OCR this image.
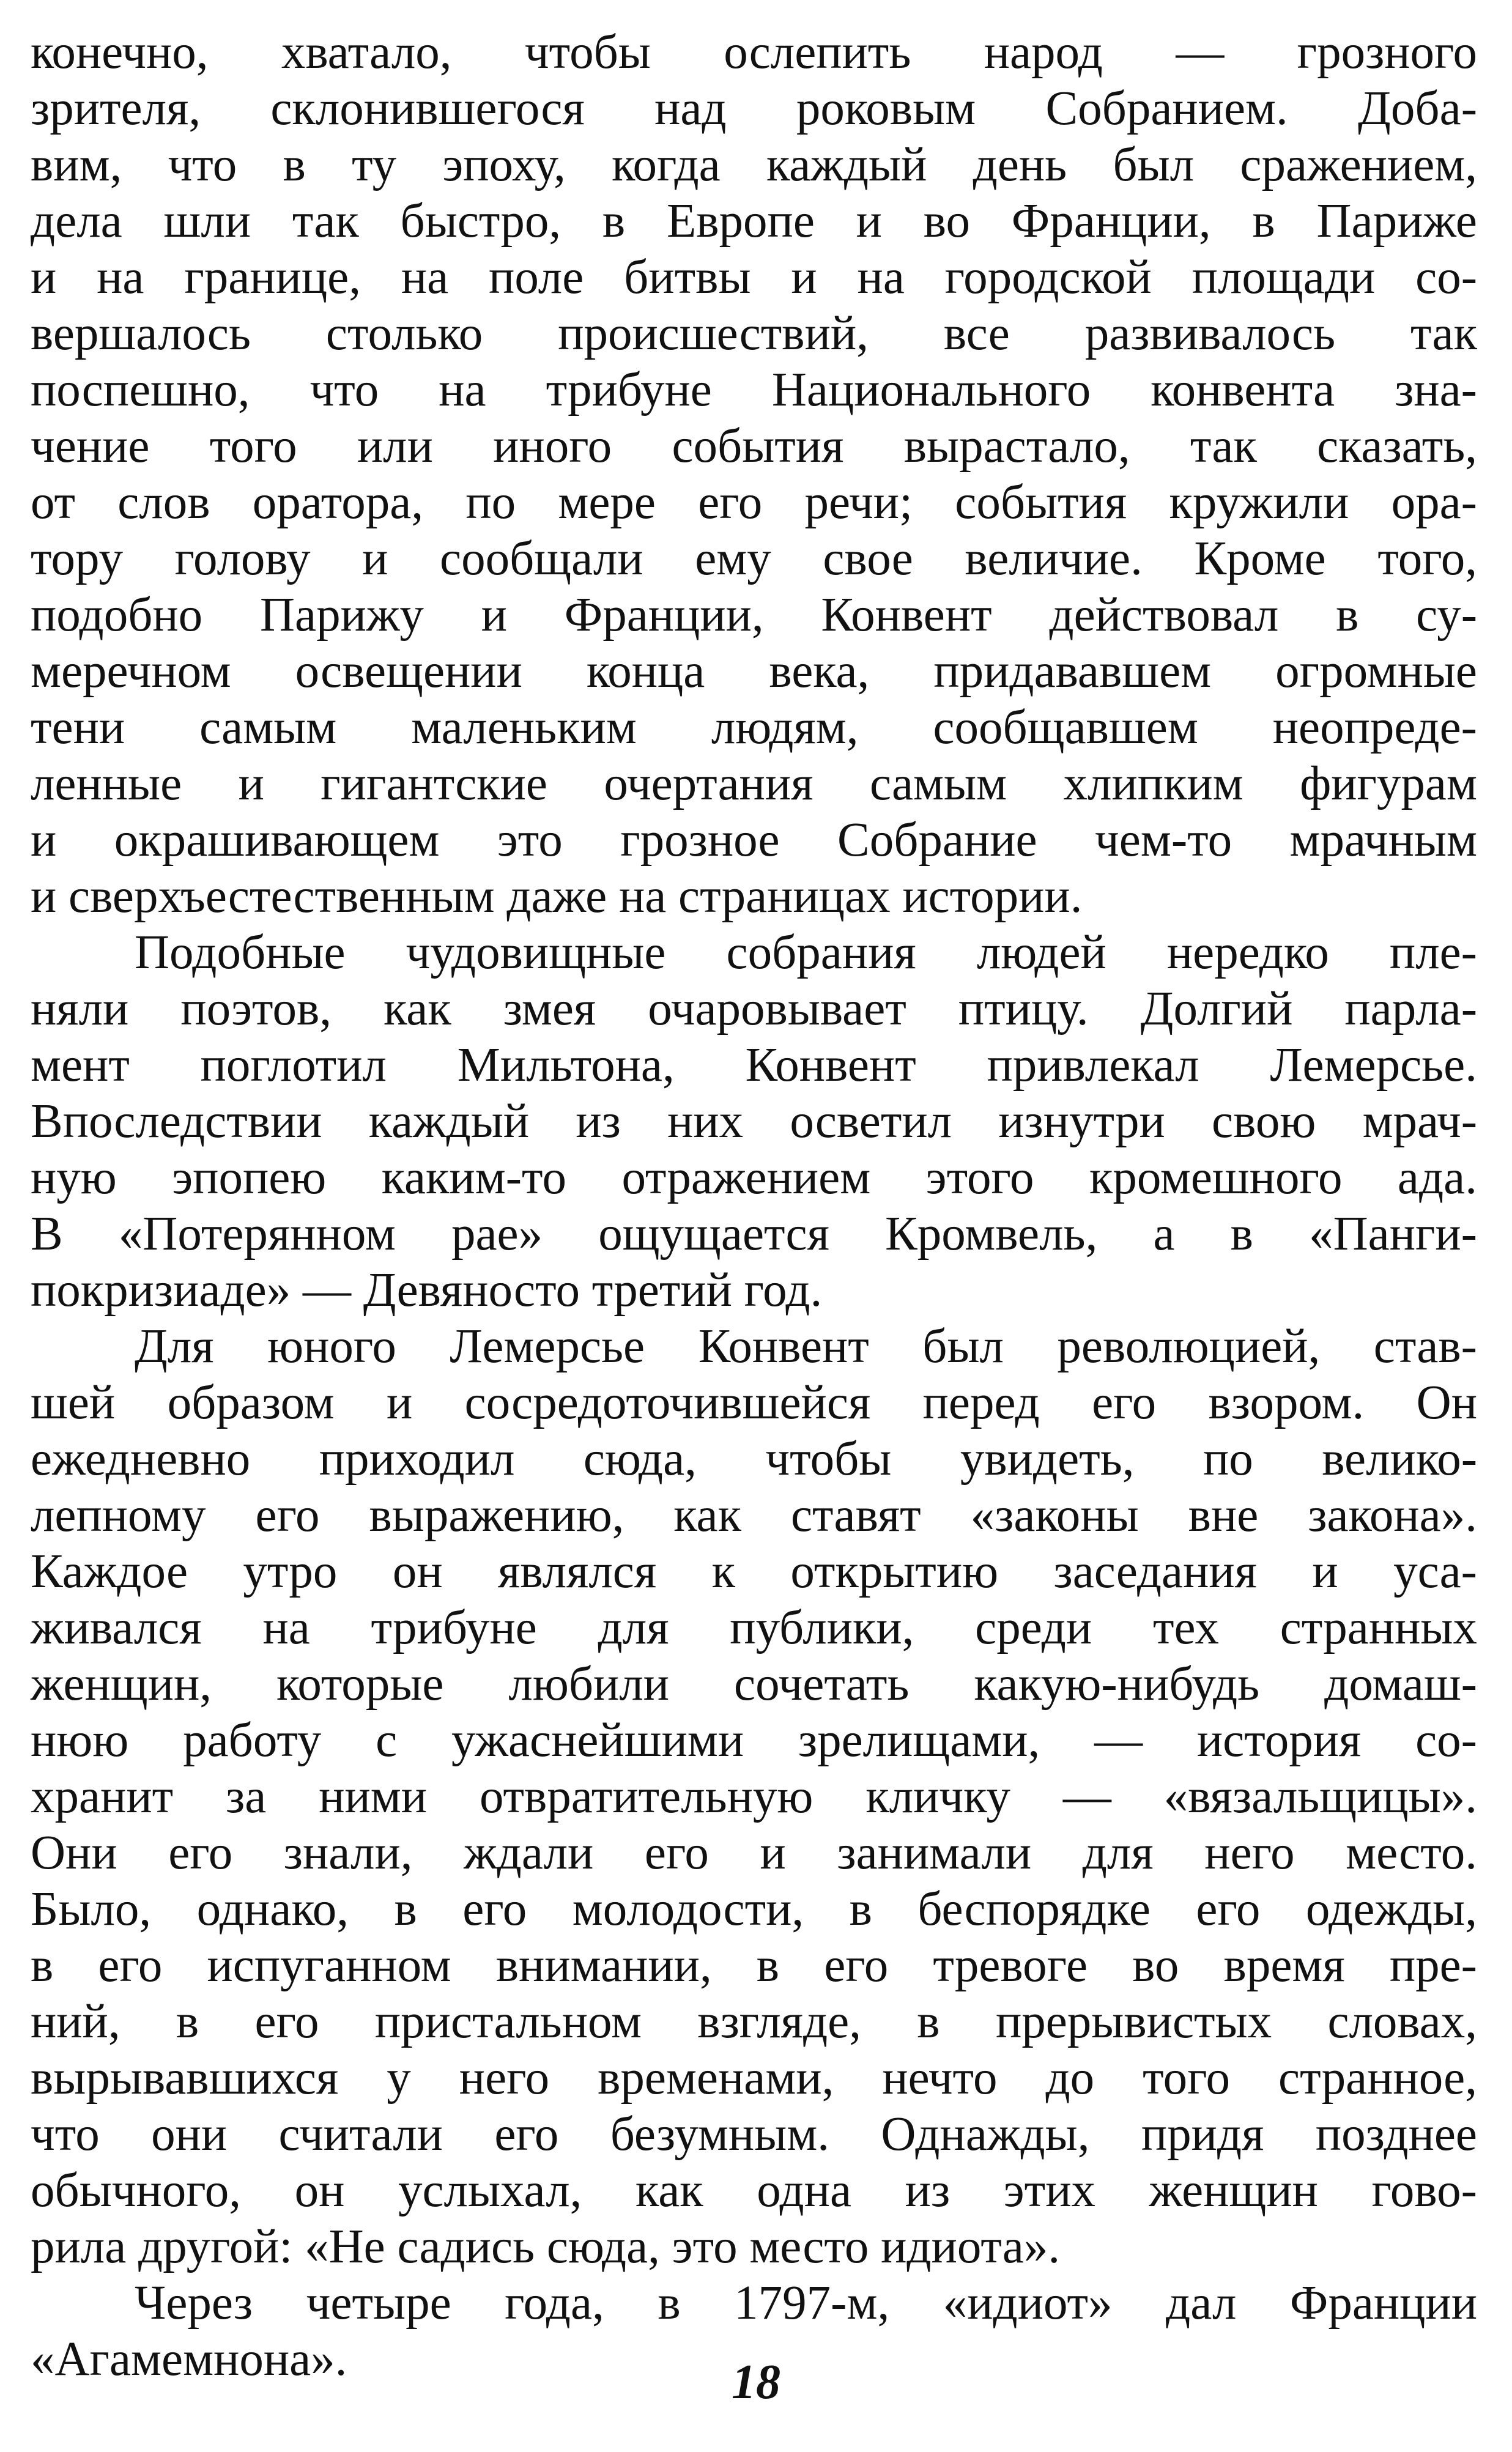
конечно, хватало, чтобы ослепить народ — грозного
зрителя, склонившегося над роковым Собранием. Доба-
вим, что в ту эпоху, когда каждый день был сражением,
дела шли так быстро, в Европе и во Франции, в Париже
и на границе, на поле битвы и на городской площади со-
вершалось столько происшествий, все развивалось так
поспешно, что на трибуне Национального конвента зна-
чение того или иного события вырастало, так сказать,
от слов оратора, по мере его речи; события кружили ора-
тору голову и сообщали ему свое величие. Кроме того,
подобно Парижу и Франции, Конвент действовал в су-
меречном освещении конца века, придававшем огромные
тени самым маленьким людям, сообщавшем неопреде-
ленные и гигантские очертания самым хлипким фигурам
и окрашивающем это грозное Собрание чем-то мрачным
и сверхъестественным даже на страницах истории.
Подобные чудовищные собрания людей нередко пле-
няли поэтов, как змея очаровывает птицу. Долгий парла-
мент поглотил Мильтона, Конвент привлекал Лемерсье.
Впоследствии каждый из них осветил изнутри свою мрач-
ную эпопею каким-то отражением этого кромешного ада.
В «Потерянном рае» ощущается Кромвель, а в «Панги-
покризиаде» — Девяносто третий год.
Для юного Лемерсье Конвент был революцией, став-
шей образом и сосредоточившейся перед его взором. Он
ежедневно приходил сюда, чтобы увидеть, по велико-
лепному его выражению, как ставят «законы вне закона».
Каждое утро он являлся к открытию заседания и уса-
живался на трибуне для публики, среди тех странных
женщин, которые любили сочетать какую-нибудь домаш-
нюю работу с ужаснейшими зрелищами, — история со-
хранит за ними отвратительную кличку — «вязальщицы».
Они его знали, ждали его и занимали для него место.
Было, однако, в его молодости, в беспорядке его одежды,
в его испуганном внимании, в его тревоге во время пре-
ний, в его пристальном взгляде, в прерывистых словах,
вырывавшихся у него временами, нечто до того странное,
что они считали его безумным. Однажды, придя позднее
обычного, он услыхал, как одна из этих женщин гово-
рила другой: «Не садись сюда, это место идиота».
Через четыре года, в 1797-м, «идиот» дал Франции
«Агамемнона».	18
